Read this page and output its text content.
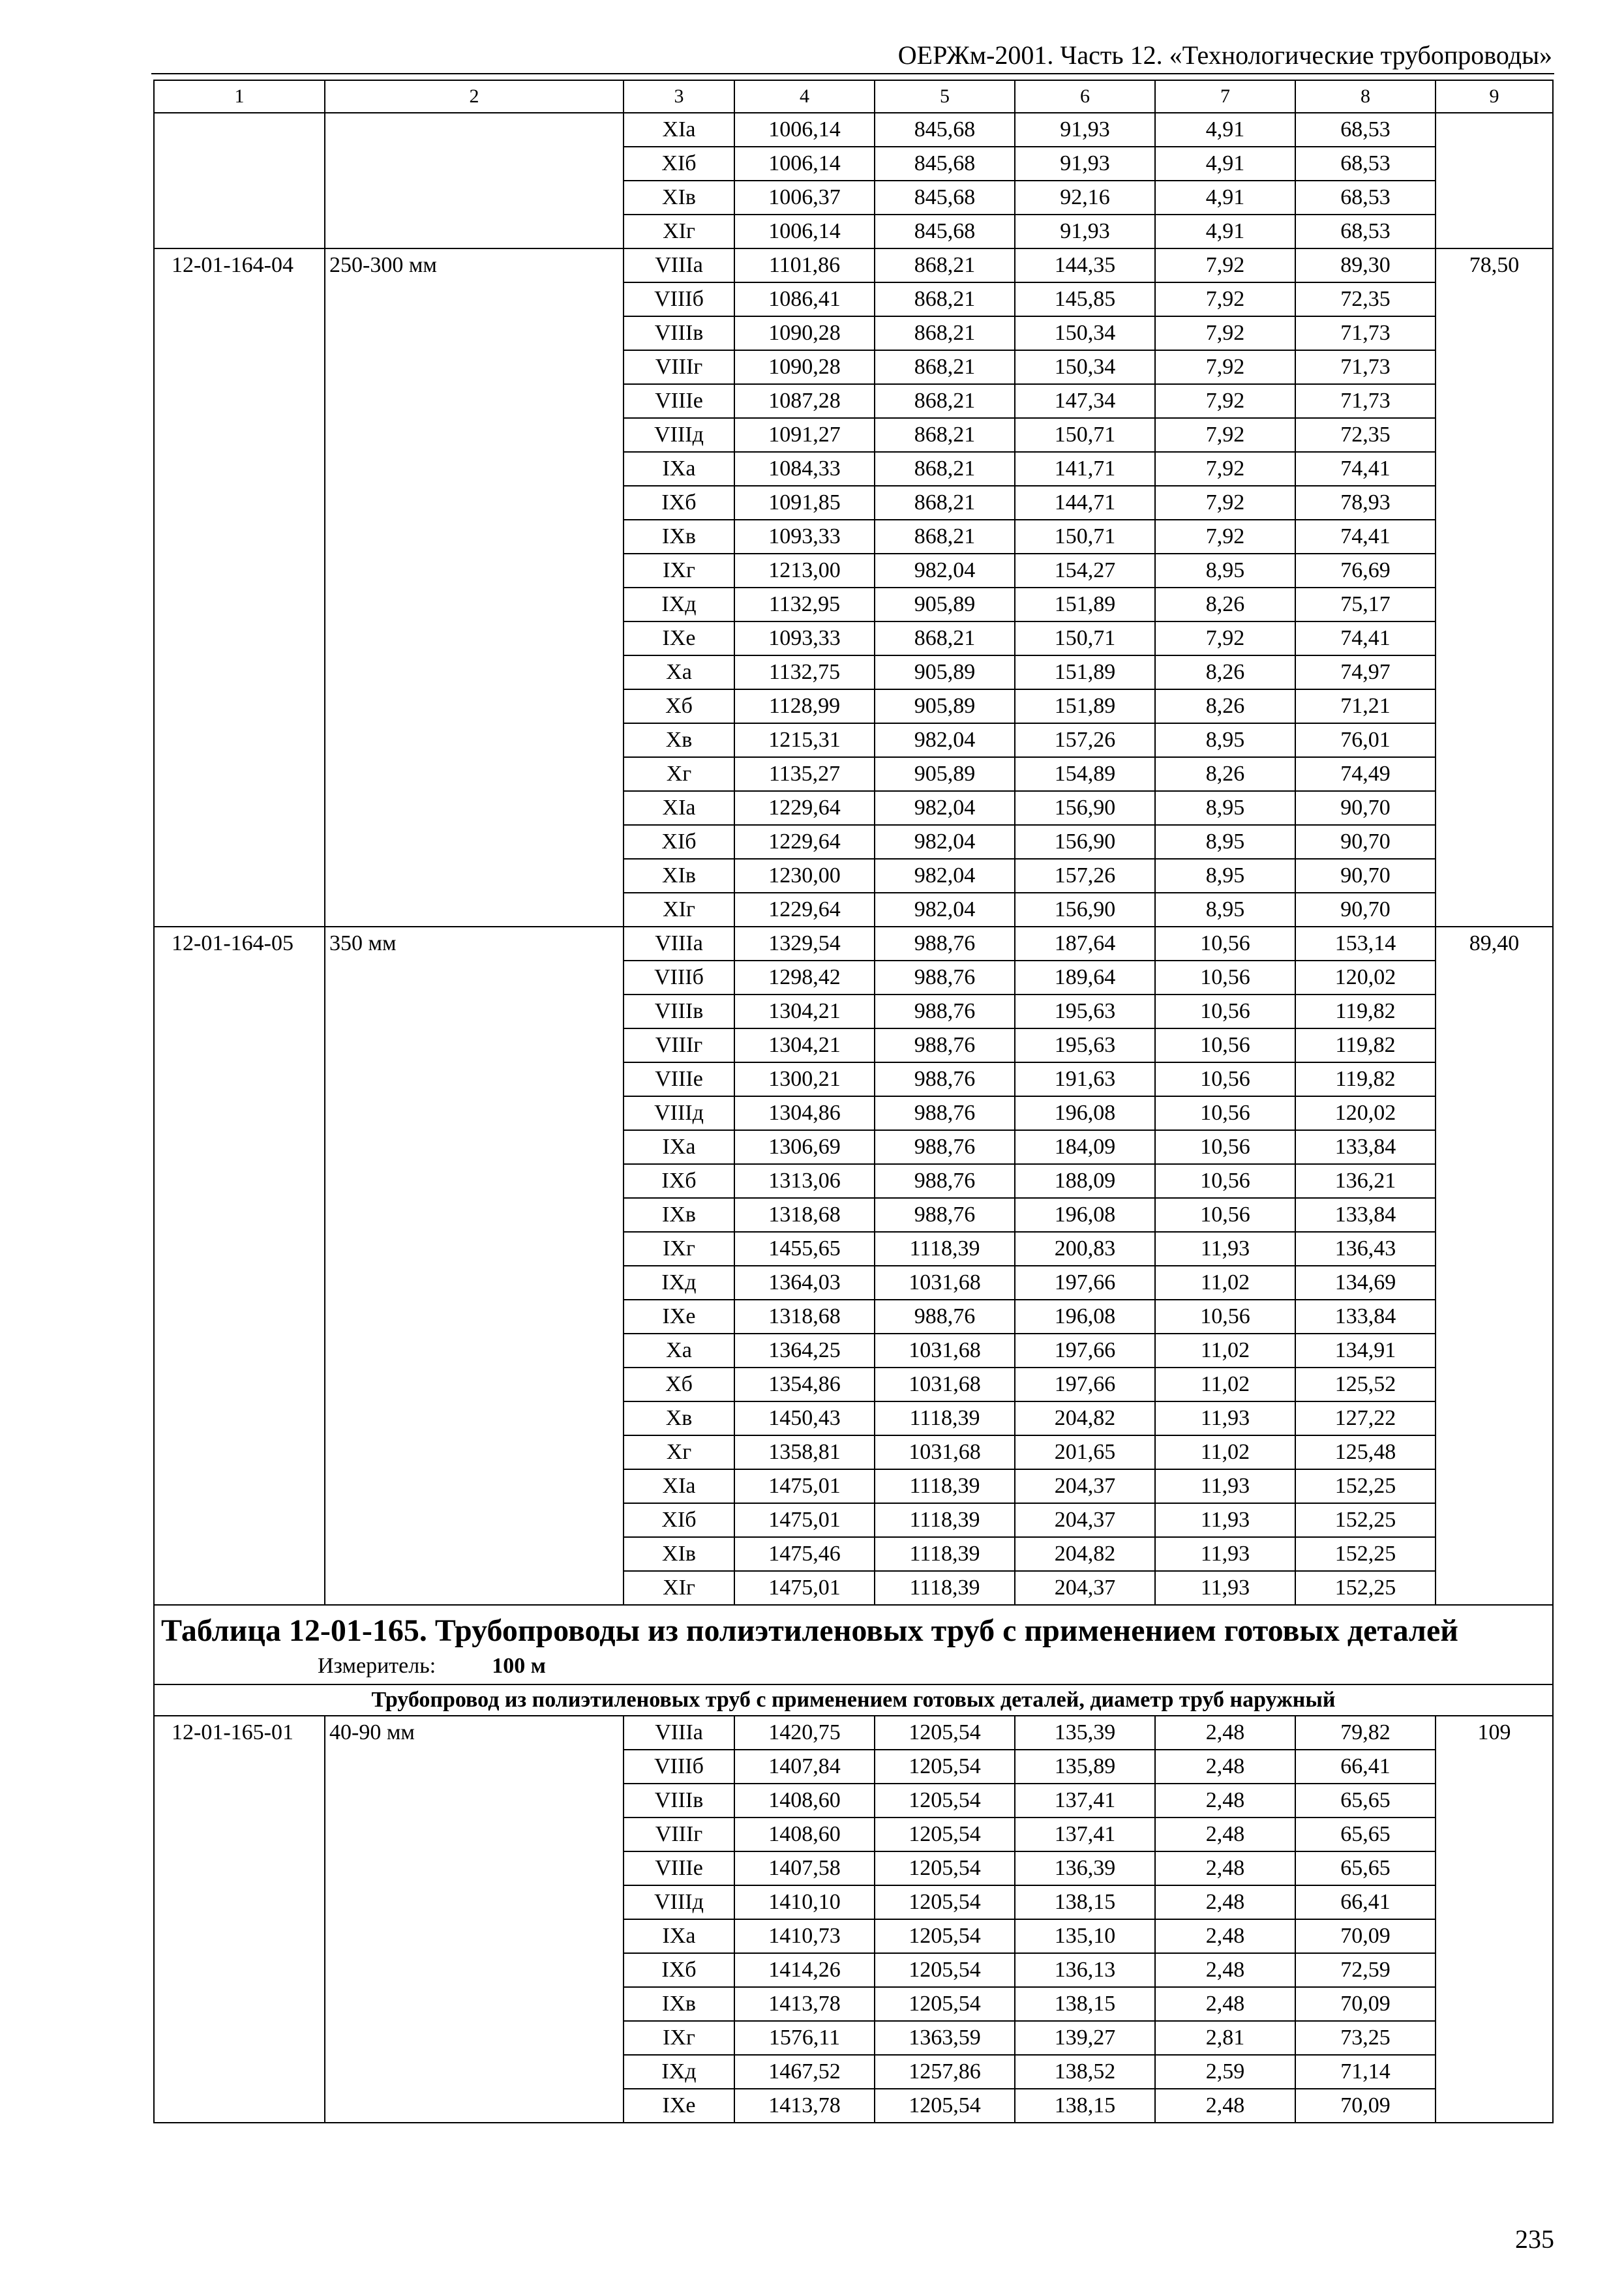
ОЕРЖм-2001. Часть 12. «Технологические трубопроводы»
1	2	3	4	5	6	7	8	9
		XIа	1006,14	845,68	91,93	4,91	68,53	
		XIб	1006,14	845,68	91,93	4,91	68,53	
		XIв	1006,37	845,68	92,16	4,91	68,53	
		XIг	1006,14	845,68	91,93	4,91	68,53	
12-01-164-04	250-300 мм	VIIIа	1101,86	868,21	144,35	7,92	89,30	78,50
		VIIIб	1086,41	868,21	145,85	7,92	72,35	
		VIIIв	1090,28	868,21	150,34	7,92	71,73	
		VIIIг	1090,28	868,21	150,34	7,92	71,73	
		VIIIе	1087,28	868,21	147,34	7,92	71,73	
		VIIIд	1091,27	868,21	150,71	7,92	72,35	
		IXа	1084,33	868,21	141,71	7,92	74,41	
		IXб	1091,85	868,21	144,71	7,92	78,93	
		IXв	1093,33	868,21	150,71	7,92	74,41	
		IXг	1213,00	982,04	154,27	8,95	76,69	
		IXд	1132,95	905,89	151,89	8,26	75,17	
		IXе	1093,33	868,21	150,71	7,92	74,41	
		Xа	1132,75	905,89	151,89	8,26	74,97	
		Xб	1128,99	905,89	151,89	8,26	71,21	
		Xв	1215,31	982,04	157,26	8,95	76,01	
		Xг	1135,27	905,89	154,89	8,26	74,49	
		XIа	1229,64	982,04	156,90	8,95	90,70	
		XIб	1229,64	982,04	156,90	8,95	90,70	
		XIв	1230,00	982,04	157,26	8,95	90,70	
		XIг	1229,64	982,04	156,90	8,95	90,70	
12-01-164-05	350 мм	VIIIа	1329,54	988,76	187,64	10,56	153,14	89,40
		VIIIб	1298,42	988,76	189,64	10,56	120,02	
		VIIIв	1304,21	988,76	195,63	10,56	119,82	
		VIIIг	1304,21	988,76	195,63	10,56	119,82	
		VIIIе	1300,21	988,76	191,63	10,56	119,82	
		VIIIд	1304,86	988,76	196,08	10,56	120,02	
		IXа	1306,69	988,76	184,09	10,56	133,84	
		IXб	1313,06	988,76	188,09	10,56	136,21	
		IXв	1318,68	988,76	196,08	10,56	133,84	
		IXг	1455,65	1118,39	200,83	11,93	136,43	
		IXд	1364,03	1031,68	197,66	11,02	134,69	
		IXе	1318,68	988,76	196,08	10,56	133,84	
		Xа	1364,25	1031,68	197,66	11,02	134,91	
		Xб	1354,86	1031,68	197,66	11,02	125,52	
		Xв	1450,43	1118,39	204,82	11,93	127,22	
		Xг	1358,81	1031,68	201,65	11,02	125,48	
		XIа	1475,01	1118,39	204,37	11,93	152,25	
		XIб	1475,01	1118,39	204,37	11,93	152,25	
		XIв	1475,46	1118,39	204,82	11,93	152,25	
		XIг	1475,01	1118,39	204,37	11,93	152,25	

Таблица 12-01-165. Трубопроводы из полиэтиленовых труб с применением готовых деталей
Измеритель: 100 м								

Трубопровод из полиэтиленовых труб с применением готовых деталей, диаметр труб наружный								
12-01-165-01	40-90 мм	VIIIа	1420,75	1205,54	135,39	2,48	79,82	109
		VIIIб	1407,84	1205,54	135,89	2,48	66,41	
		VIIIв	1408,60	1205,54	137,41	2,48	65,65	
		VIIIг	1408,60	1205,54	137,41	2,48	65,65	
		VIIIе	1407,58	1205,54	136,39	2,48	65,65	
		VIIIд	1410,10	1205,54	138,15	2,48	66,41	
		IXа	1410,73	1205,54	135,10	2,48	70,09	
		IXб	1414,26	1205,54	136,13	2,48	72,59	
		IXв	1413,78	1205,54	138,15	2,48	70,09	
		IXг	1576,11	1363,59	139,27	2,81	73,25	
		IXд	1467,52	1257,86	138,52	2,59	71,14	
		IXе	1413,78	1205,54	138,15	2,48	70,09	
235
